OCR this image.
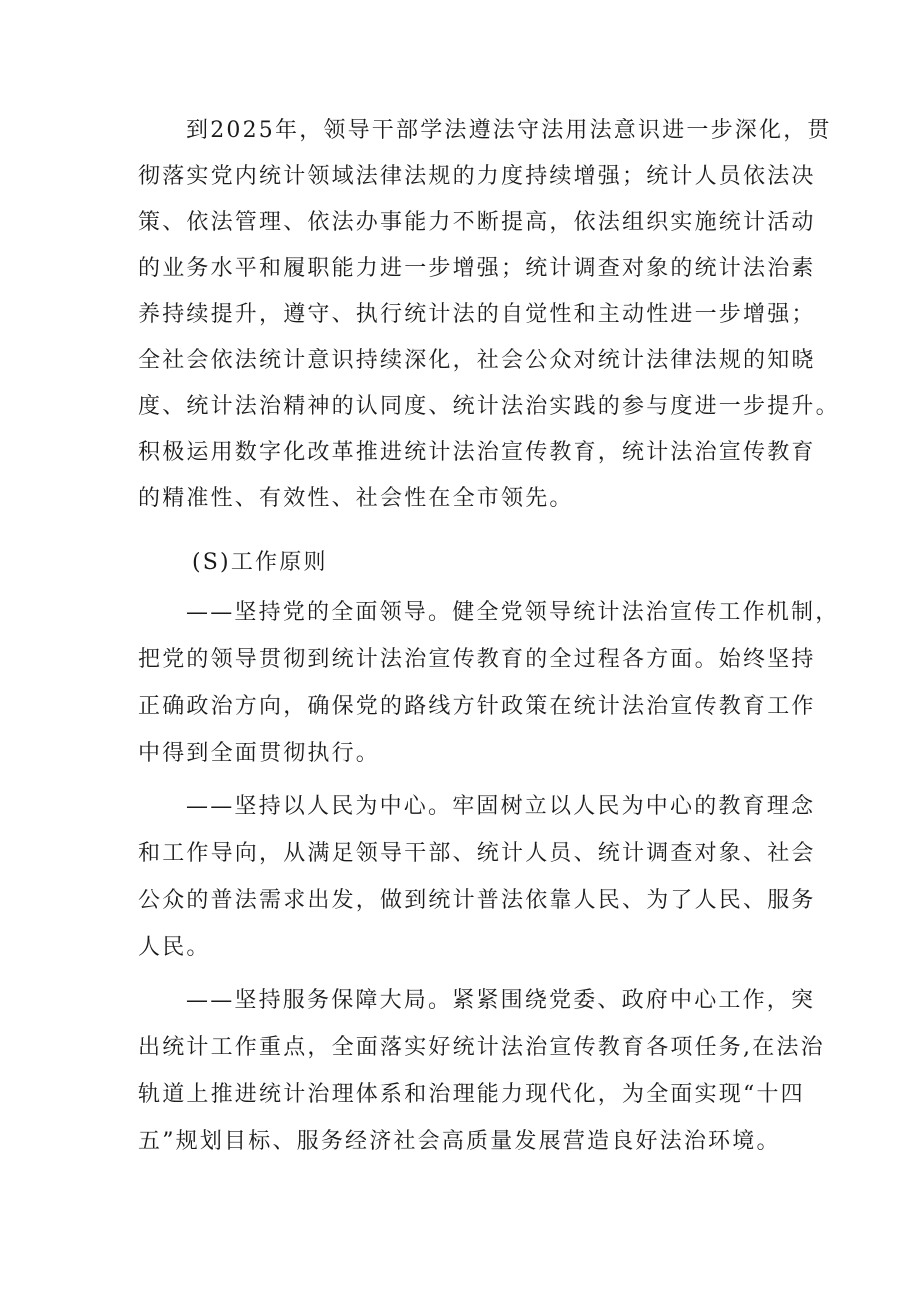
到2025年，领导干部学法遵法守法用法意识进一步深化，贯
彻落实党内统计领域法律法规的力度持续增强；统计人员依法决
策、依法管理、依法办事能力不断提高，依法组织实施统计活动
的业务水平和履职能力进一步增强；统计调查对象的统计法治素
养持续提升，遵守、执行统计法的自觉性和主动性进一步增强；
全社会依法统计意识持续深化，社会公众对统计法律法规的知晓
度、统计法治精神的认同度、统计法治实践的参与度进一步提升。
积极运用数字化改革推进统计法治宣传教育，统计法治宣传教育
的精准性、有效性、社会性在全市领先。
(S)工作原则
——坚持党的全面领导。健全党领导统计法治宣传工作机制，
把党的领导贯彻到统计法治宣传教育的全过程各方面。始终坚持
正确政治方向，确保党的路线方针政策在统计法治宣传教育工作
中得到全面贯彻执行。
——坚持以人民为中心。牢固树立以人民为中心的教育理念
和工作导向，从满足领导干部、统计人员、统计调查对象、社会
公众的普法需求出发，做到统计普法依靠人民、为了人民、服务
人民。
——坚持服务保障大局。紧紧围绕党委、政府中心工作，突
出统计工作重点，全面落实好统计法治宣传教育各项任务,在法治
轨道上推进统计治理体系和治理能力现代化，为全面实现“十四
五”规划目标、服务经济社会高质量发展营造良好法治环境。
